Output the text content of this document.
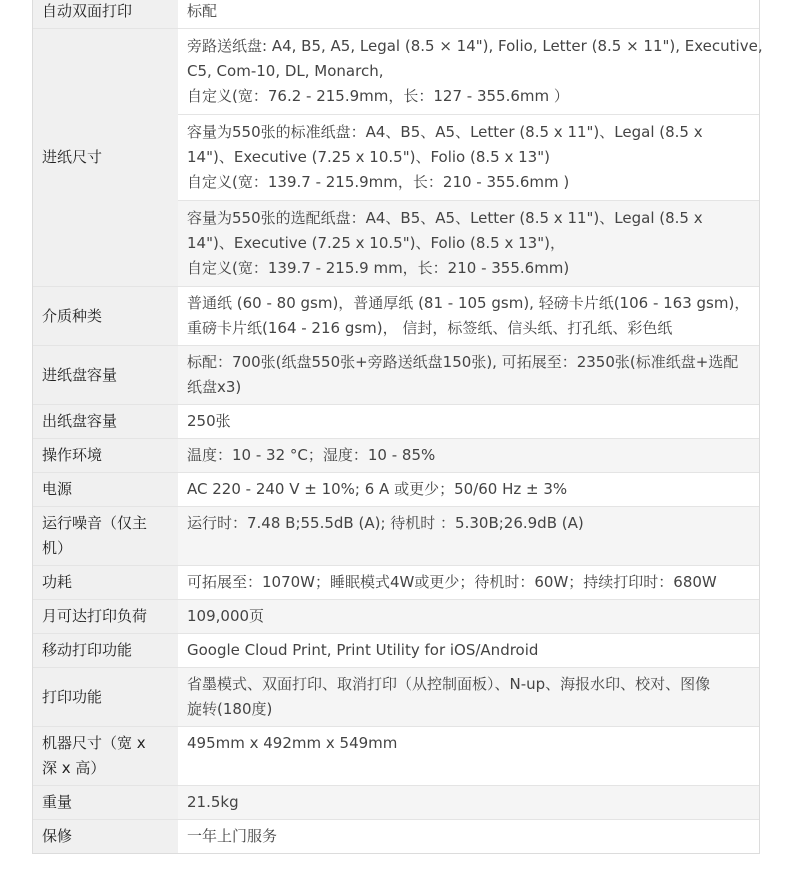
自动双面打印	标配

进纸尺寸	旁路送纸盘: A4, B5, A5, Legal (8.5 × 14"), Folio, Letter (8.5 × 11"), Executive,
C5, Com-10, DL, Monarch,
自定义(宽：76.2 - 215.9mm，长：127 - 355.6mm ）

	容量为550张的标准纸盘：A4、B5、A5、Letter (8.5 x 11")、Legal (8.5 x
14")、Executive (7.25 x 10.5")、Folio (8.5 x 13")
自定义(宽：139.7 - 215.9mm，长：210 - 355.6mm )

	容量为550张的选配纸盘：A4、B5、A5、Letter (8.5 x 11")、Legal (8.5 x
14")、Executive (7.25 x 10.5")、Folio (8.5 x 13")，
自定义(宽：139.7 - 215.9 mm，长：210 - 355.6mm)

介质种类	普通纸 (60 - 80 gsm)，普通厚纸 (81 - 105 gsm), 轻磅卡片纸(106 - 163 gsm)，
重磅卡片纸(164 - 216 gsm)， 信封，标签纸、信头纸、打孔纸、彩色纸

进纸盘容量	标配：700张(纸盘550张+旁路送纸盘150张), 可拓展至：2350张(标准纸盘+选配
纸盘x3)

出纸盘容量	250张

操作环境	温度：10 - 32 °C；湿度：10 - 85%

电源	AC 220 - 240 V ± 10%; 6 A 或更少；50/60 Hz ± 3%

运行噪音（仅主
机）	运行时：7.48 B;55.5dB (A); 待机时 ：5.30B;26.9dB (A)

功耗	可拓展至：1070W；睡眠模式4W或更少；待机时：60W；持续打印时：680W

月可达打印负荷	109,000页

移动打印功能	Google Cloud Print, Print Utility for iOS/Android

打印功能	省墨模式、双面打印、取消打印（从控制面板）、N-up、海报水印、校对、图像
旋转(180度)

机器尺寸（宽 x
深 x 高）	495mm x 492mm x 549mm

重量	21.5kg

保修	一年上门服务
